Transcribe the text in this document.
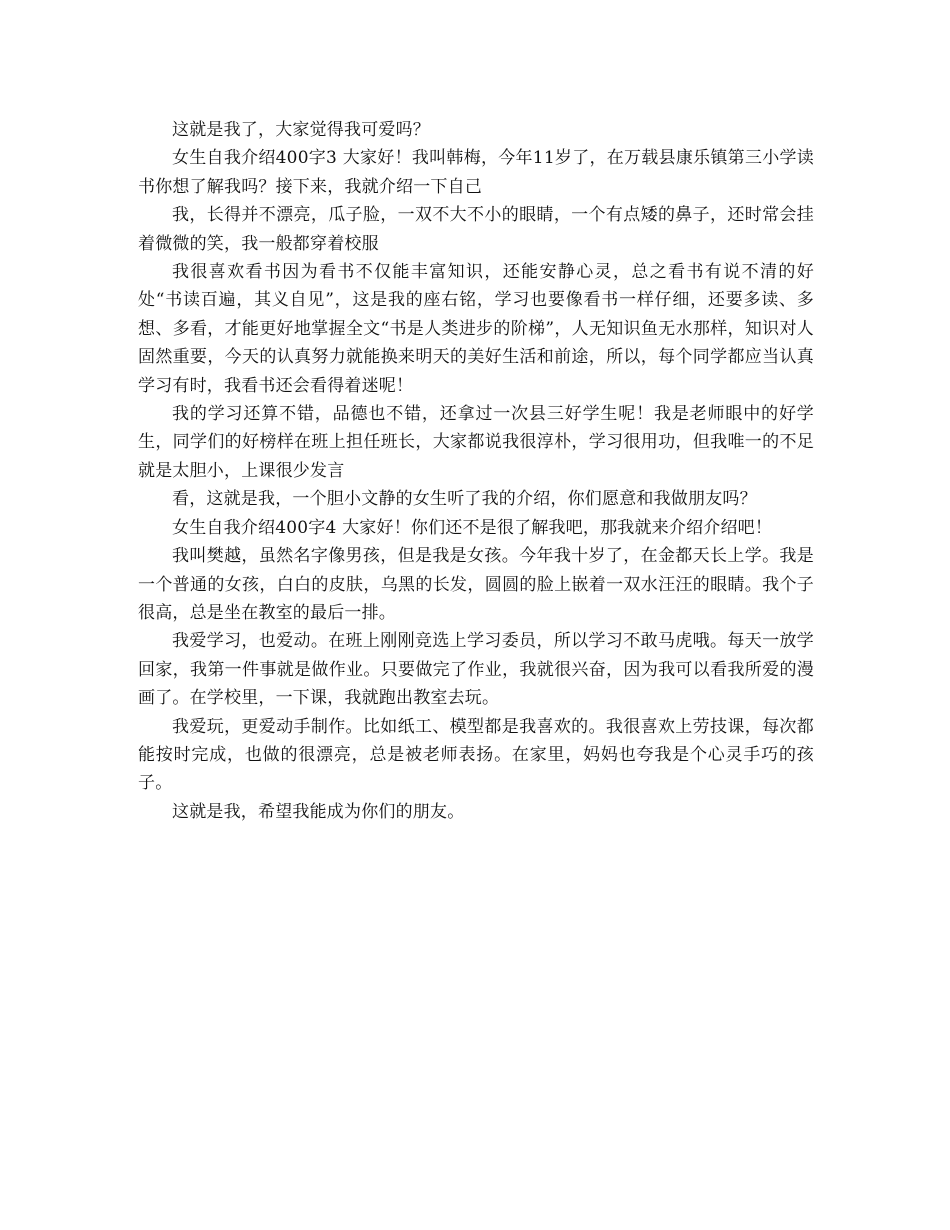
这就是我了，大家觉得我可爱吗？

女生自我介绍400字3 大家好！我叫韩梅，今年11岁了，在万载县康乐镇第三小学读书你想了解我吗？接下来，我就介绍一下自己

我，长得并不漂亮，瓜子脸，一双不大不小的眼睛，一个有点矮的鼻子，还时常会挂着微微的笑，我一般都穿着校服

我很喜欢看书因为看书不仅能丰富知识，还能安静心灵，总之看书有说不清的好处“书读百遍，其义自见”，这是我的座右铭，学习也要像看书一样仔细，还要多读、多想、多看，才能更好地掌握全文“书是人类进步的阶梯”，人无知识鱼无水那样，知识对人固然重要，今天的认真努力就能换来明天的美好生活和前途，所以，每个同学都应当认真学习有时，我看书还会看得着迷呢！

我的学习还算不错，品德也不错，还拿过一次县三好学生呢！我是老师眼中的好学生，同学们的好榜样在班上担任班长，大家都说我很淳朴，学习很用功，但我唯一的不足就是太胆小，上课很少发言

看，这就是我，一个胆小文静的女生听了我的介绍，你们愿意和我做朋友吗？

女生自我介绍400字4 大家好！你们还不是很了解我吧，那我就来介绍介绍吧！

我叫樊越，虽然名字像男孩，但是我是女孩。今年我十岁了，在金都天长上学。我是一个普通的女孩，白白的皮肤，乌黑的长发，圆圆的脸上嵌着一双水汪汪的眼睛。我个子很高，总是坐在教室的最后一排。

我爱学习，也爱动。在班上刚刚竞选上学习委员，所以学习不敢马虎哦。每天一放学回家，我第一件事就是做作业。只要做完了作业，我就很兴奋，因为我可以看我所爱的漫画了。在学校里，一下课，我就跑出教室去玩。

我爱玩，更爱动手制作。比如纸工、模型都是我喜欢的。我很喜欢上劳技课，每次都能按时完成，也做的很漂亮，总是被老师表扬。在家里，妈妈也夸我是个心灵手巧的孩子。

这就是我，希望我能成为你们的朋友。
